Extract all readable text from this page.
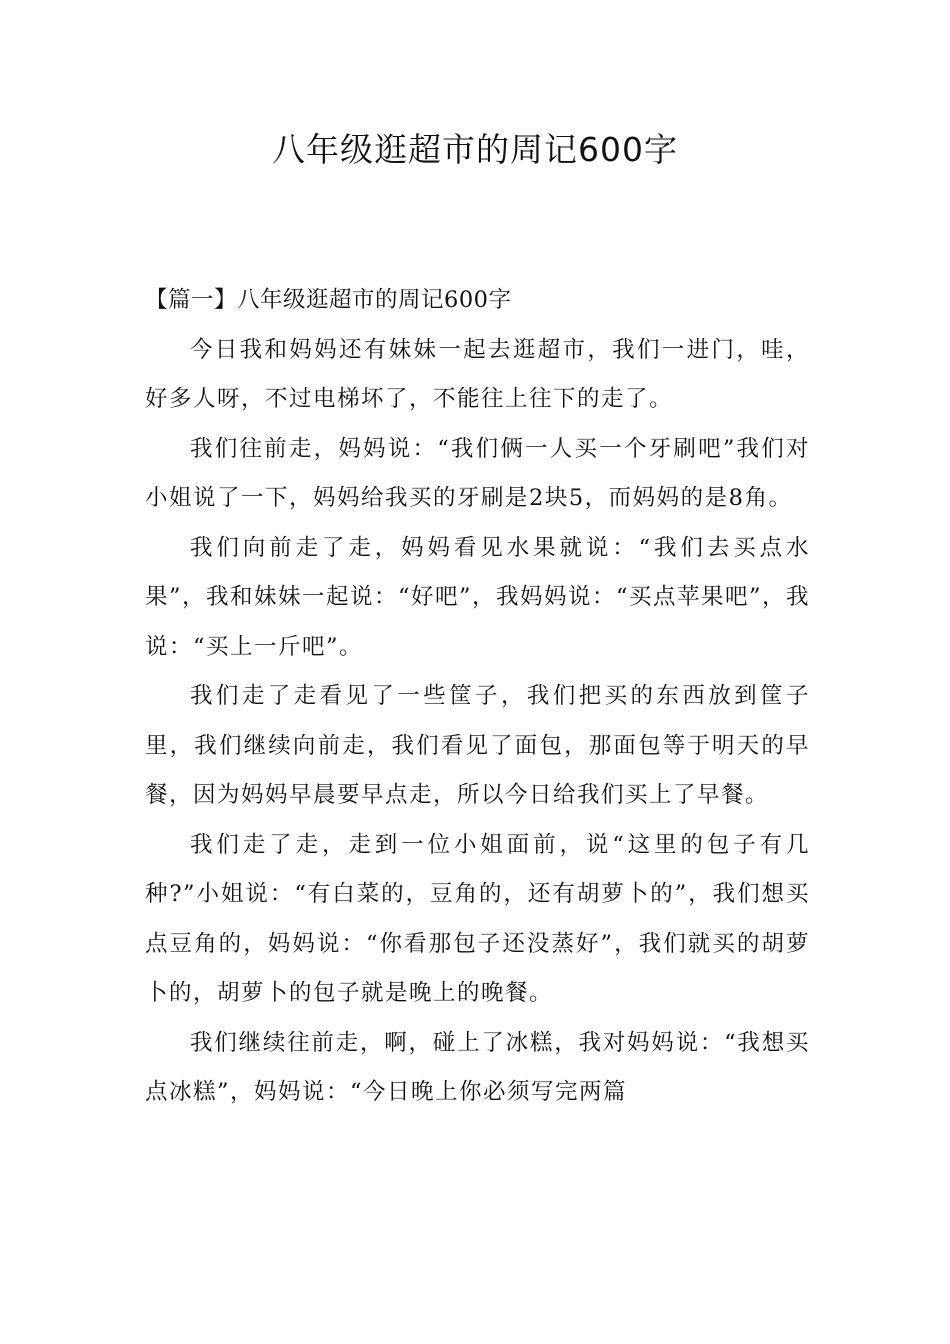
八年级逛超市的周记600字

【篇一】八年级逛超市的周记600字

今日我和妈妈还有妹妹一起去逛超市，我们一进门，哇，好多人呀，不过电梯坏了，不能往上往下的走了。

我们往前走，妈妈说：“我们俩一人买一个牙刷吧”我们对小姐说了一下，妈妈给我买的牙刷是2块5，而妈妈的是8角。

我们向前走了走，妈妈看见水果就说：“我们去买点水果”，我和妹妹一起说：“好吧”，我妈妈说：“买点苹果吧”，我说：“买上一斤吧”。

我们走了走看见了一些筐子，我们把买的东西放到筐子里，我们继续向前走，我们看见了面包，那面包等于明天的早餐，因为妈妈早晨要早点走，所以今日给我们买上了早餐。

我们走了走，走到一位小姐面前，说“这里的包子有几种?”小姐说：“有白菜的，豆角的，还有胡萝卜的”，我们想买点豆角的，妈妈说：“你看那包子还没蒸好”，我们就买的胡萝卜的，胡萝卜的包子就是晚上的晚餐。

我们继续往前走，啊，碰上了冰糕，我对妈妈说：“我想买点冰糕”，妈妈说：“今日晚上你必须写完两篇
